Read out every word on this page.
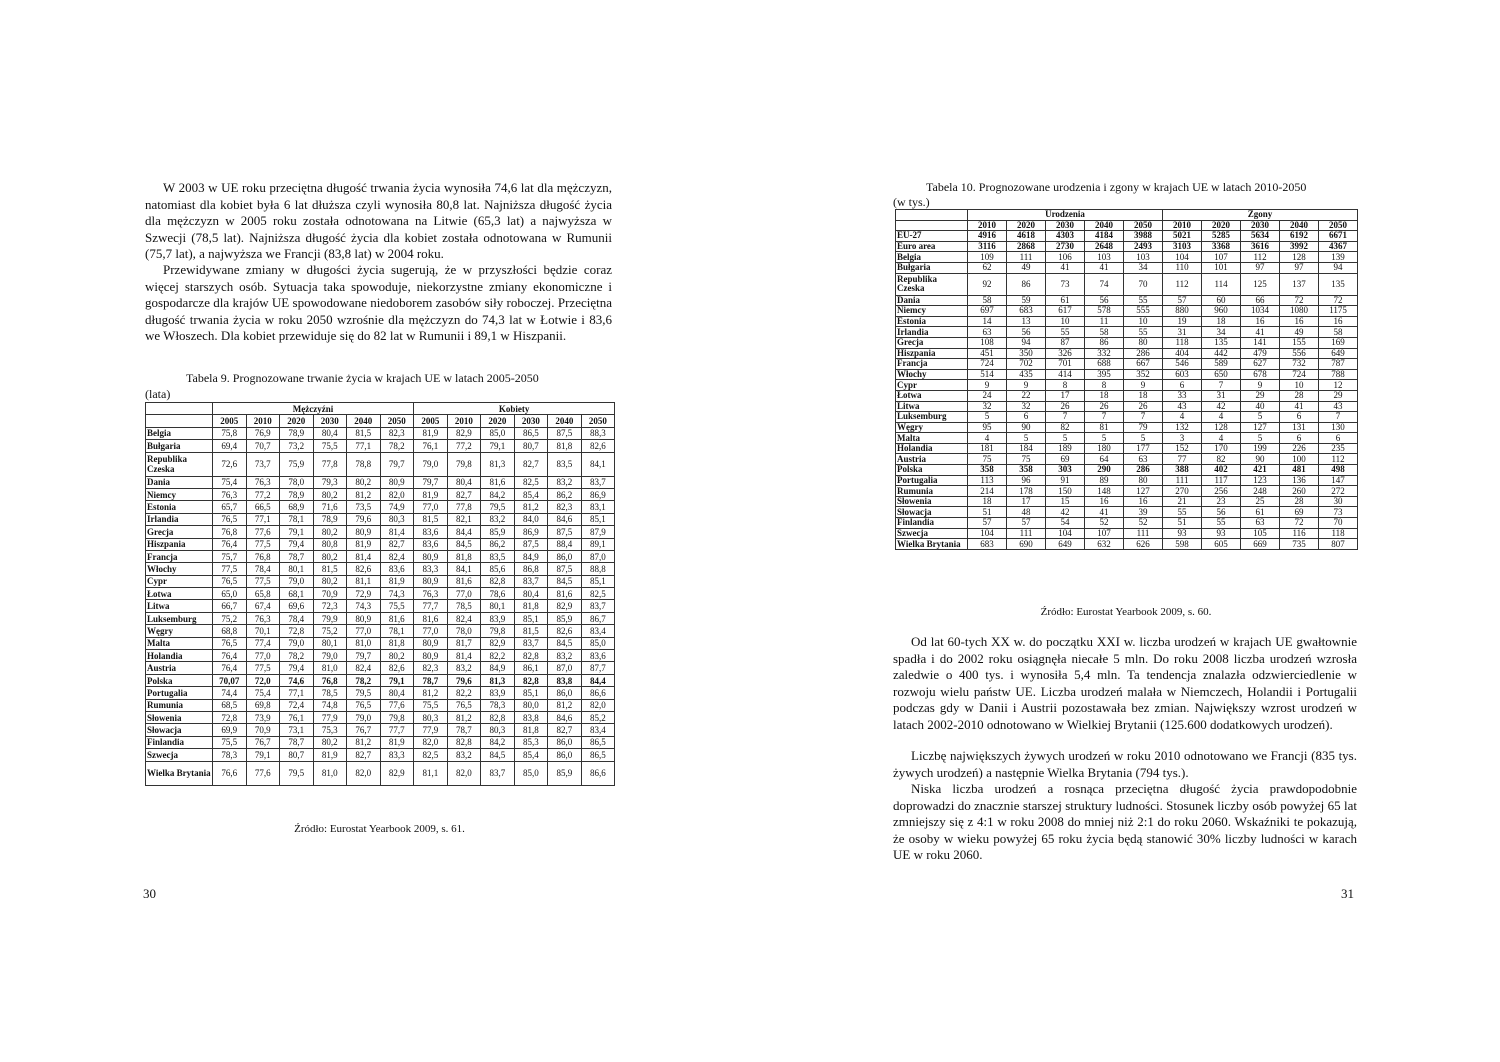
W 2003 w UE roku przeciętna długość trwania życia wynosiła 74,6 lat dla mężczyzn, natomiast dla kobiet była 6 lat dłuższa czyli wynosiła 80,8 lat. Najniższa długość życia dla mężczyzn w 2005 roku została odnotowana na Litwie (65,3 lat) a najwyższa w Szwecji (78,5 lat). Najniższa długość życia dla kobiet została odnotowana w Rumunii (75,7 lat), a najwyższa we Francji (83,8 lat) w 2004 roku.

Przewidywane zmiany w długości życia sugerują, że w przyszłości będzie coraz więcej starszych osób. Sytuacja taka spowoduje, niekorzystne zmiany ekonomiczne i gospodarcze dla krajów UE spowodowane niedoborem zasobów siły roboczej. Przeciętna długość trwania życia w roku 2050 wzrośnie dla mężczyzn do 74,3 lat w Łotwie i 83,6 we Włoszech. Dla kobiet przewiduje się do 82 lat w Rumunii i 89,1 w Hiszpanii.

Tabela 9. Prognozowane trwanie życia w krajach UE w latach 2005-2050

(lata)

	Mężczyźni						Kobiety					
	2005	2010	2020	2030	2040	2050	2005	2010	2020	2030	2040	2050
Belgia	75,8	76,9	78,9	80,4	81,5	82,3	81,9	82,9	85,0	86,5	87,5	88,3
Bułgaria	69,4	70,7	73,2	75,5	77,1	78,2	76,1	77,2	79,1	80,7	81,8	82,6
Republika Czeska	72,6	73,7	75,9	77,8	78,8	79,7	79,0	79,8	81,3	82,7	83,5	84,1
Dania	75,4	76,3	78,0	79,3	80,2	80,9	79,7	80,4	81,6	82,5	83,2	83,7
Niemcy	76,3	77,2	78,9	80,2	81,2	82,0	81,9	82,7	84,2	85,4	86,2	86,9
Estonia	65,7	66,5	68,9	71,6	73,5	74,9	77,0	77,8	79,5	81,2	82,3	83,1
Irlandia	76,5	77,1	78,1	78,9	79,6	80,3	81,5	82,1	83,2	84,0	84,6	85,1
Grecja	76,8	77,6	79,1	80,2	80,9	81,4	83,6	84,4	85,9	86,9	87,5	87,9
Hiszpania	76,4	77,5	79,4	80,8	81,9	82,7	83,6	84,5	86,2	87,5	88,4	89,1
Francja	75,7	76,8	78,7	80,2	81,4	82,4	80,9	81,8	83,5	84,9	86,0	87,0
Włochy	77,5	78,4	80,1	81,5	82,6	83,6	83,3	84,1	85,6	86,8	87,5	88,8
Cypr	76,5	77,5	79,0	80,2	81,1	81,9	80,9	81,6	82,8	83,7	84,5	85,1
Łotwa	65,0	65,8	68,1	70,9	72,9	74,3	76,3	77,0	78,6	80,4	81,6	82,5
Litwa	66,7	67,4	69,6	72,3	74,3	75,5	77,7	78,5	80,1	81,8	82,9	83,7
Luksemburg	75,2	76,3	78,4	79,9	80,9	81,6	81,6	82,4	83,9	85,1	85,9	86,7
Węgry	68,8	70,1	72,8	75,2	77,0	78,1	77,0	78,0	79,8	81,5	82,6	83,4
Malta	76,5	77,4	79,0	80,1	81,0	81,8	80,9	81,7	82,9	83,7	84,5	85,0
Holandia	76,4	77,0	78,2	79,0	79,7	80,2	80,9	81,4	82,2	82,8	83,2	83,6
Austria	76,4	77,5	79,4	81,0	82,4	82,6	82,3	83,2	84,9	86,1	87,0	87,7
Polska	70,07	72,0	74,6	76,8	78,2	79,1	78,7	79,6	81,3	82,8	83,8	84,4
Portugalia	74,4	75,4	77,1	78,5	79,5	80,4	81,2	82,2	83,9	85,1	86,0	86,6
Rumunia	68,5	69,8	72,4	74,8	76,5	77,6	75,5	76,5	78,3	80,0	81,2	82,0
Słowenia	72,8	73,9	76,1	77,9	79,0	79,8	80,3	81,2	82,8	83,8	84,6	85,2
Słowacja	69,9	70,9	73,1	75,3	76,7	77,7	77,9	78,7	80,3	81,8	82,7	83,4
Finlandia	75,5	76,7	78,7	80,2	81,2	81,9	82,0	82,8	84,2	85,3	86,0	86,5
Szwecja	78,3	79,1	80,7	81,9	82,7	83,3	82,5	83,2	84,5	85,4	86,0	86,5
Wielka Brytania	76,6	77,6	79,5	81,0	82,0	82,9	81,1	82,0	83,7	85,0	85,9	86,6

Źródło: Eurostat Yearbook 2009, s. 61.

30

Tabela 10. Prognozowane urodzenia i zgony w krajach UE w latach 2010-2050

(w tys.)

	Urodzenia					Zgony				
	2010	2020	2030	2040	2050	2010	2020	2030	2040	2050
EU-27	4916	4618	4303	4184	3988	5021	5285	5634	6192	6671
Euro area	3116	2868	2730	2648	2493	3103	3368	3616	3992	4367
Belgia	109	111	106	103	103	104	107	112	128	139
Bułgaria	62	49	41	41	34	110	101	97	97	94
Republika Czeska	92	86	73	74	70	112	114	125	137	135
Dania	58	59	61	56	55	57	60	66	72	72
Niemcy	697	683	617	578	555	880	960	1034	1080	1175
Estonia	14	13	10	11	10	19	18	16	16	16
Irlandia	63	56	55	58	55	31	34	41	49	58
Grecja	108	94	87	86	80	118	135	141	155	169
Hiszpania	451	350	326	332	286	404	442	479	556	649
Francja	724	702	701	688	667	546	589	627	732	787
Włochy	514	435	414	395	352	603	650	678	724	788
Cypr	9	9	8	8	9	6	7	9	10	12
Łotwa	24	22	17	18	18	33	31	29	28	29
Litwa	32	32	26	26	26	43	42	40	41	43
Luksemburg	5	6	7	7	7	4	4	5	6	7
Węgry	95	90	82	81	79	132	128	127	131	130
Malta	4	5	5	5	5	3	4	5	6	6
Holandia	181	184	189	180	177	152	170	199	226	235
Austria	75	75	69	64	63	77	82	90	100	112
Polska	358	358	303	290	286	388	402	421	481	498
Portugalia	113	96	91	89	80	111	117	123	136	147
Rumunia	214	178	150	148	127	270	256	248	260	272
Słowenia	18	17	15	16	16	21	23	25	28	30
Słowacja	51	48	42	41	39	55	56	61	69	73
Finlandia	57	57	54	52	52	51	55	63	72	70
Szwecja	104	111	104	107	111	93	93	105	116	118
Wielka Brytania	683	690	649	632	626	598	605	669	735	807

Źródło: Eurostat Yearbook 2009, s. 60.

Od lat 60-tych XX w. do początku XXI w. liczba urodzeń w krajach UE gwałtownie spadła i do 2002 roku osiągnęła niecałe 5 mln. Do roku 2008 liczba urodzeń wzrosła zaledwie o 400 tys. i wynosiła 5,4 mln. Ta tendencja znalazła odzwierciedlenie w rozwoju wielu państw UE. Liczba urodzeń malała w Niemczech, Holandii i Portugalii podczas gdy w Danii i Austrii pozostawała bez zmian. Największy wzrost urodzeń w latach 2002-2010 odnotowano w Wielkiej Brytanii (125.600 dodatkowych urodzeń).

Liczbę największych żywych urodzeń w roku 2010 odnotowano we Francji (835 tys. żywych urodzeń) a następnie Wielka Brytania (794 tys.).

Niska liczba urodzeń a rosnąca przeciętna długość życia prawdopodobnie doprowadzi do znacznie starszej struktury ludności. Stosunek liczby osób powyżej 65 lat zmniejszy się z 4:1 w roku 2008 do mniej niż 2:1 do roku 2060. Wskaźniki te pokazują, że osoby w wieku powyżej 65 roku życia będą stanowić 30% liczby ludności w karach UE w roku 2060.

31
